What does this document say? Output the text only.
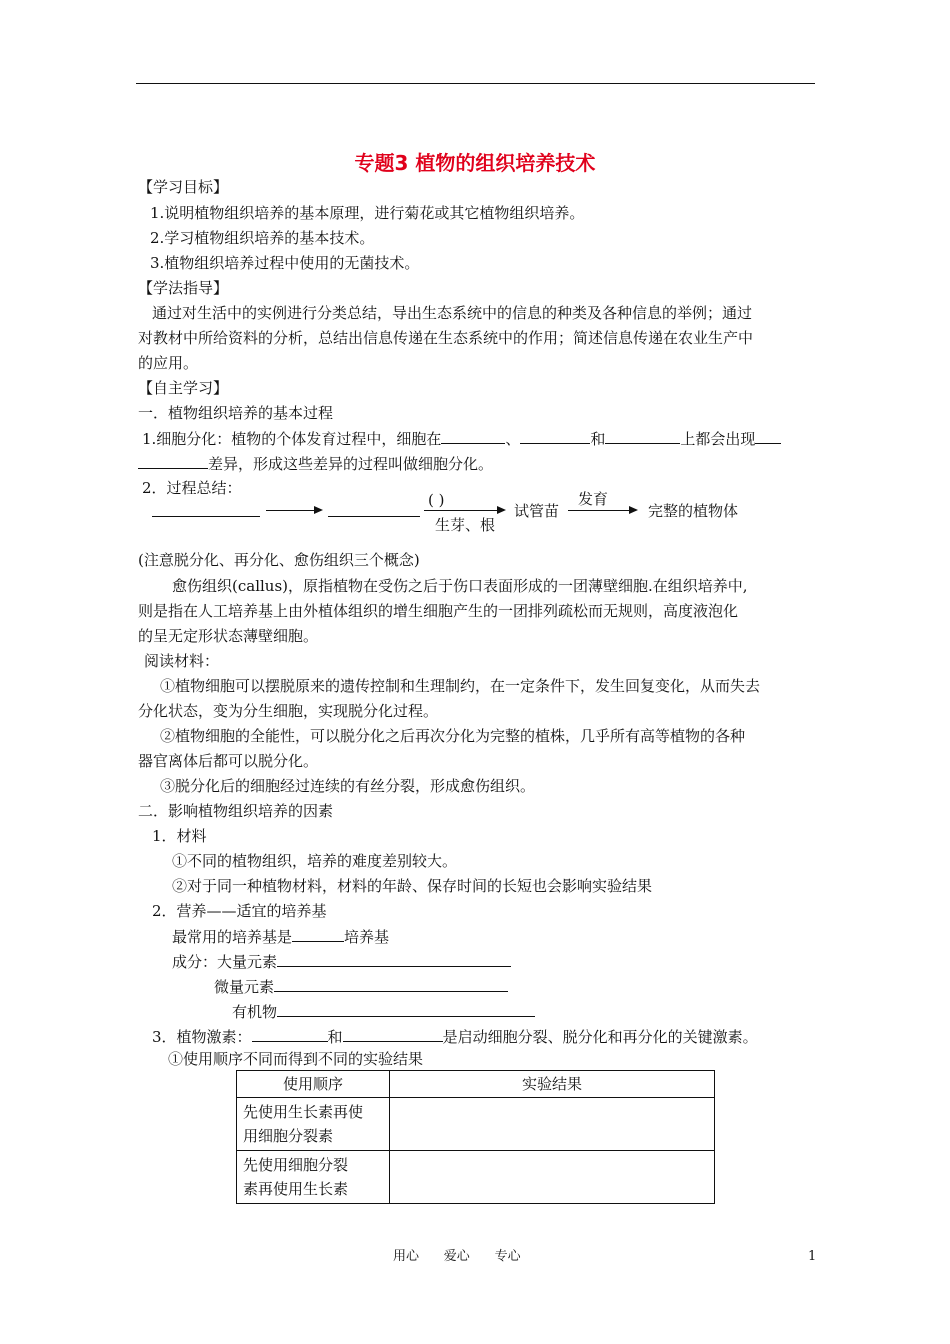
专题3 植物的组织培养技术
【学习目标】
1.说明植物组织培养的基本原理，进行菊花或其它植物组织培养。
2.学习植物组织培养的基本技术。
3.植物组织培养过程中使用的无菌技术。
【学法指导】
通过对生活中的实例进行分类总结，导出生态系统中的信息的种类及各种信息的举例；通过
对教材中所给资料的分析，总结出信息传递在生态系统中的作用；简述信息传递在农业生产中
的应用。
【自主学习】
一．植物组织培养的基本过程
1.细胞分化：植物的个体发育过程中，细胞在	、	和	上都会出现
差异，形成这些差异的过程叫做细胞分化。
2．过程总结：
( )
生芽、根
试管苗
发育
完整的植物体
(注意脱分化、再分化、愈伤组织三个概念)
愈伤组织(callus)，原指植物在受伤之后于伤口表面形成的一团薄壁细胞.在组织培养中,
则是指在人工培养基上由外植体组织的增生细胞产生的一团排列疏松而无规则，高度液泡化
的呈无定形状态薄壁细胞。
阅读材料：
①植物细胞可以摆脱原来的遗传控制和生理制约，在一定条件下，发生回复变化，从而失去
分化状态，变为分生细胞，实现脱分化过程。
②植物细胞的全能性，可以脱分化之后再次分化为完整的植株，几乎所有高等植物的各种
器官离体后都可以脱分化。
③脱分化后的细胞经过连续的有丝分裂，形成愈伤组织。
二．影响植物组织培养的因素
1．材料
①不同的植物组织，培养的难度差别较大。
②对于同一种植物材料，材料的年龄、保存时间的长短也会影响实验结果
2．营养——适宜的培养基
最常用的培养基是	培养基
成分：大量元素
微量元素
有机物
3．植物激素：	和	是启动细胞分裂、脱分化和再分化的关键激素。
①使用顺序不同而得到不同的实验结果
使用顺序	实验结果

先使用生长素再使
用细胞分裂素	

先使用细胞分裂
素再使用生长素	

用心      爱心      专心	1
